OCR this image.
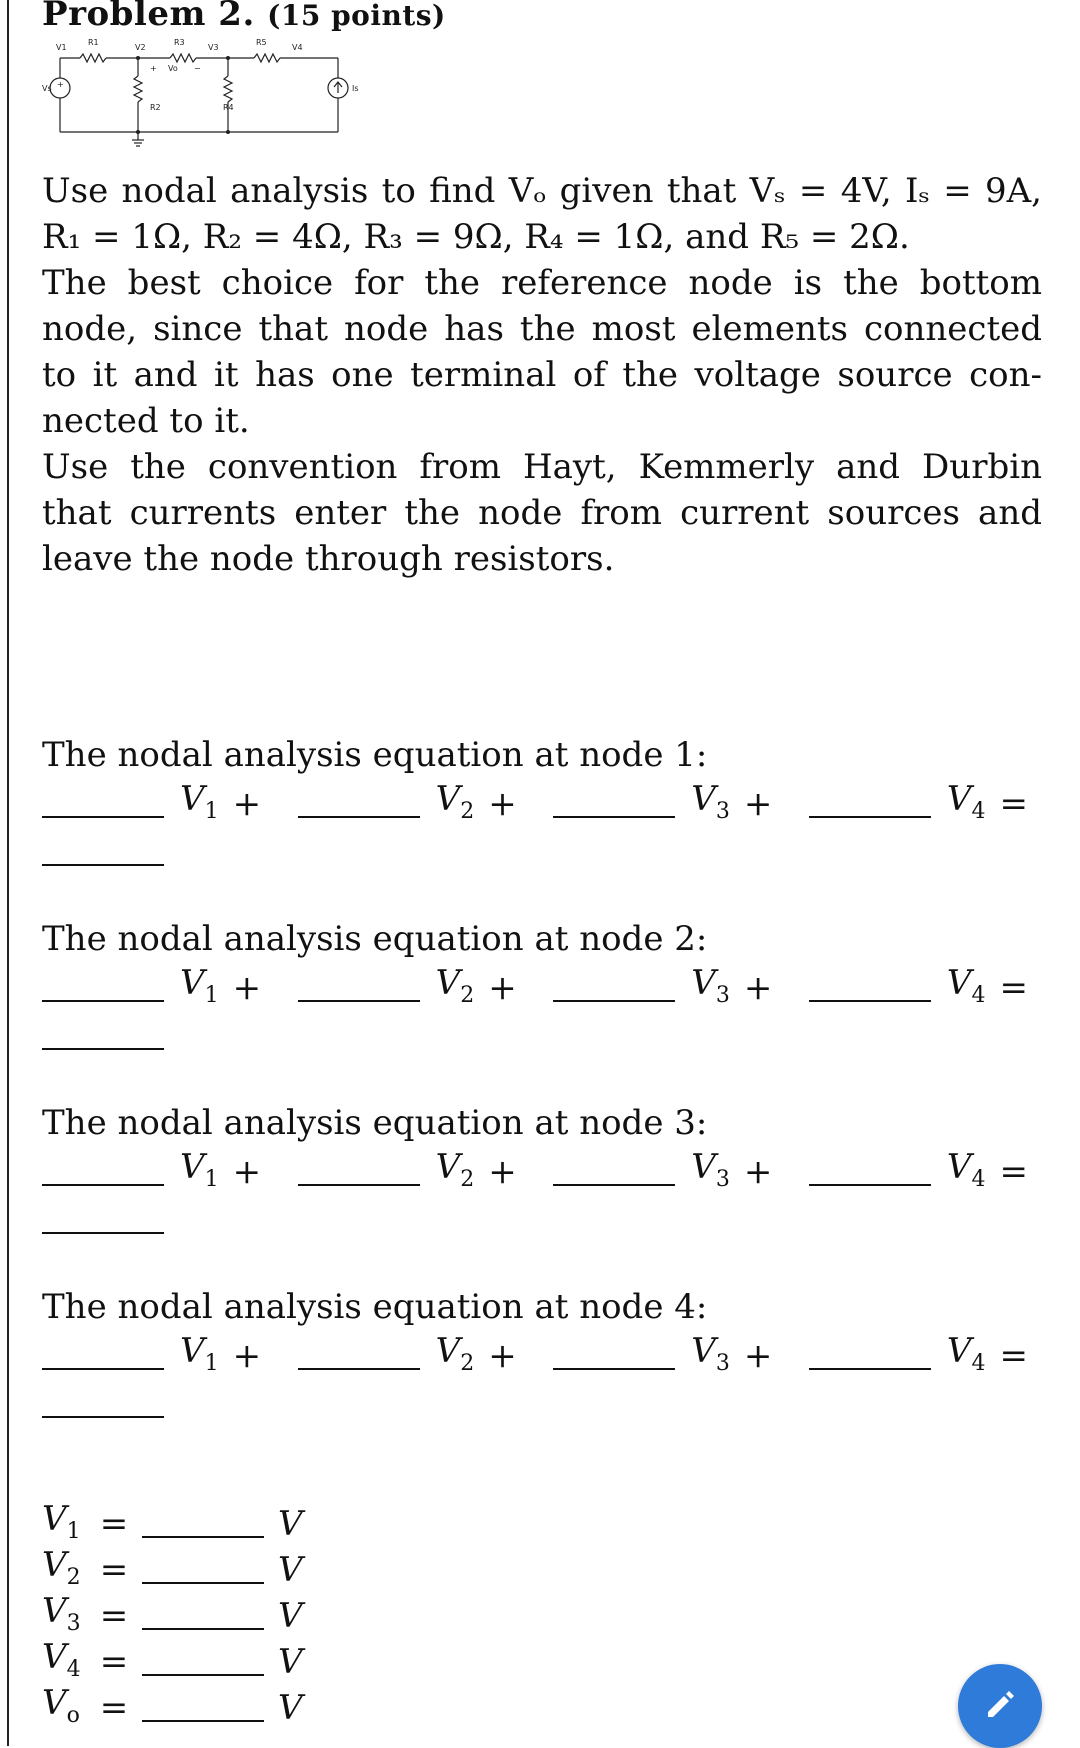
Problem 2. (15 points)
+
V1	V2	V3	V4
R1
R2
R3
R4
R5
Vs	Is
+ Vo −

Use nodal analysis to find Vₒ given that Vₛ = 4V, Iₛ = 9A, R₁ = 1Ω, R₂ = 4Ω, R₃ = 9Ω, R₄ = 1Ω, and R₅ = 2Ω.

The best choice for the reference node is the bottom node, since that node has the most elements connected to it and it has one terminal of the voltage source con-nected to it.

Use the convention from Hayt, Kemmerly and Durbin that currents enter the node from current sources and leave the node through resistors.

The nodal analysis equation at node 1:
$V_1$ +	$V_2$ +	$V_3$ +	$V_4$ =
The nodal analysis equation at node 2:
$V_1$ +	$V_2$ +	$V_3$ +	$V_4$ =
The nodal analysis equation at node 3:
$V_1$ +	$V_2$ +	$V_3$ +	$V_4$ =
The nodal analysis equation at node 4:
$V_1$ +	$V_2$ +	$V_3$ +	$V_4$ =
$V_1$ =	V
$V_2$ =	V
$V_3$ =	V
$V_4$ =	V
$V_o$ =	V
